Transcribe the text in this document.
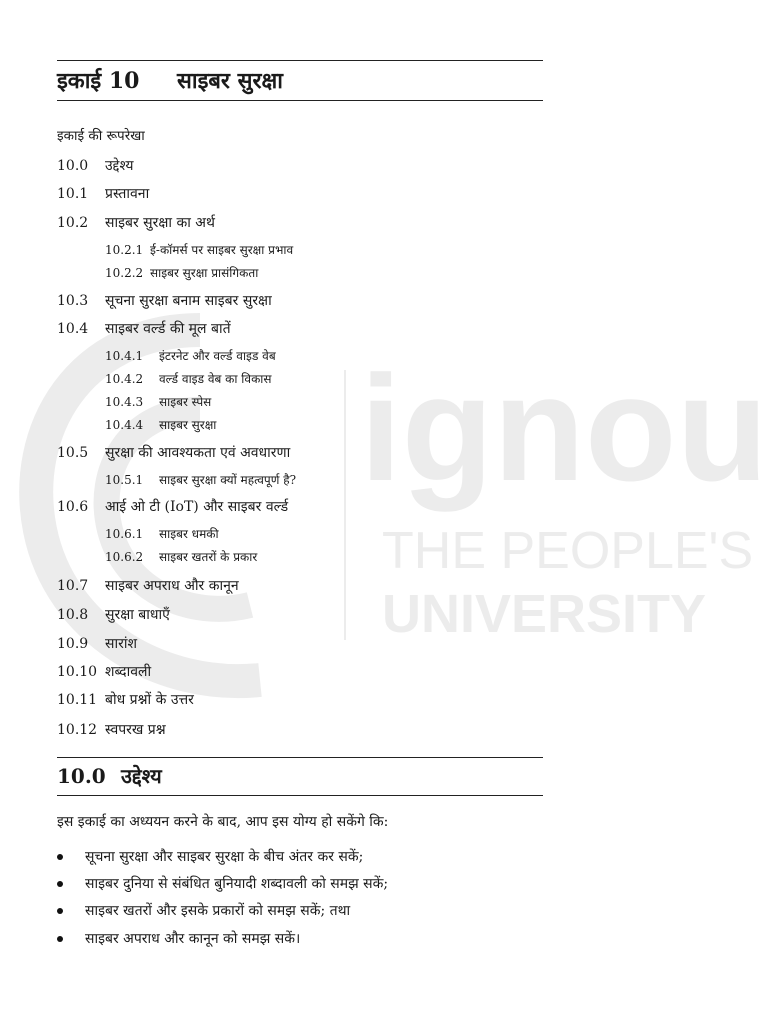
ignou
THE PEOPLE'S
UNIVERSITY
इकाई 10 साइबर सुरक्षा
इकाई की रूपरेखा
10.0 उद्देश्य
10.1 प्रस्तावना
10.2 साइबर सुरक्षा का अर्थ
10.2.1 ई-कॉमर्स पर साइबर सुरक्षा प्रभाव
10.2.2 साइबर सुरक्षा प्रासंगिकता
10.3 सूचना सुरक्षा बनाम साइबर सुरक्षा
10.4 साइबर वर्ल्ड की मूल बातें
10.4.1 इंटरनेट और वर्ल्ड वाइड वेब
10.4.2 वर्ल्ड वाइड वेब का विकास
10.4.3 साइबर स्पेस
10.4.4 साइबर सुरक्षा
10.5 सुरक्षा की आवश्यकता एवं अवधारणा
10.5.1 साइबर सुरक्षा क्यों महत्वपूर्ण है?
10.6 आई ओ टी (IoT) और साइबर वर्ल्ड
10.6.1 साइबर धमकी
10.6.2 साइबर खतरों के प्रकार
10.7 साइबर अपराध और कानून
10.8 सुरक्षा बाधाएँ
10.9 सारांश
10.10 शब्दावली
10.11 बोध प्रश्नों के उत्तर
10.12 स्वपरख प्रश्न
10.0 उद्देश्य
इस इकाई का अध्ययन करने के बाद, आप इस योग्य हो सकेंगे कि:
सूचना सुरक्षा और साइबर सुरक्षा के बीच अंतर कर सकें;
साइबर दुनिया से संबंधित बुनियादी शब्दावली को समझ सकें;
साइबर खतरों और इसके प्रकारों को समझ सकें; तथा
साइबर अपराध और कानून को समझ सकें।
